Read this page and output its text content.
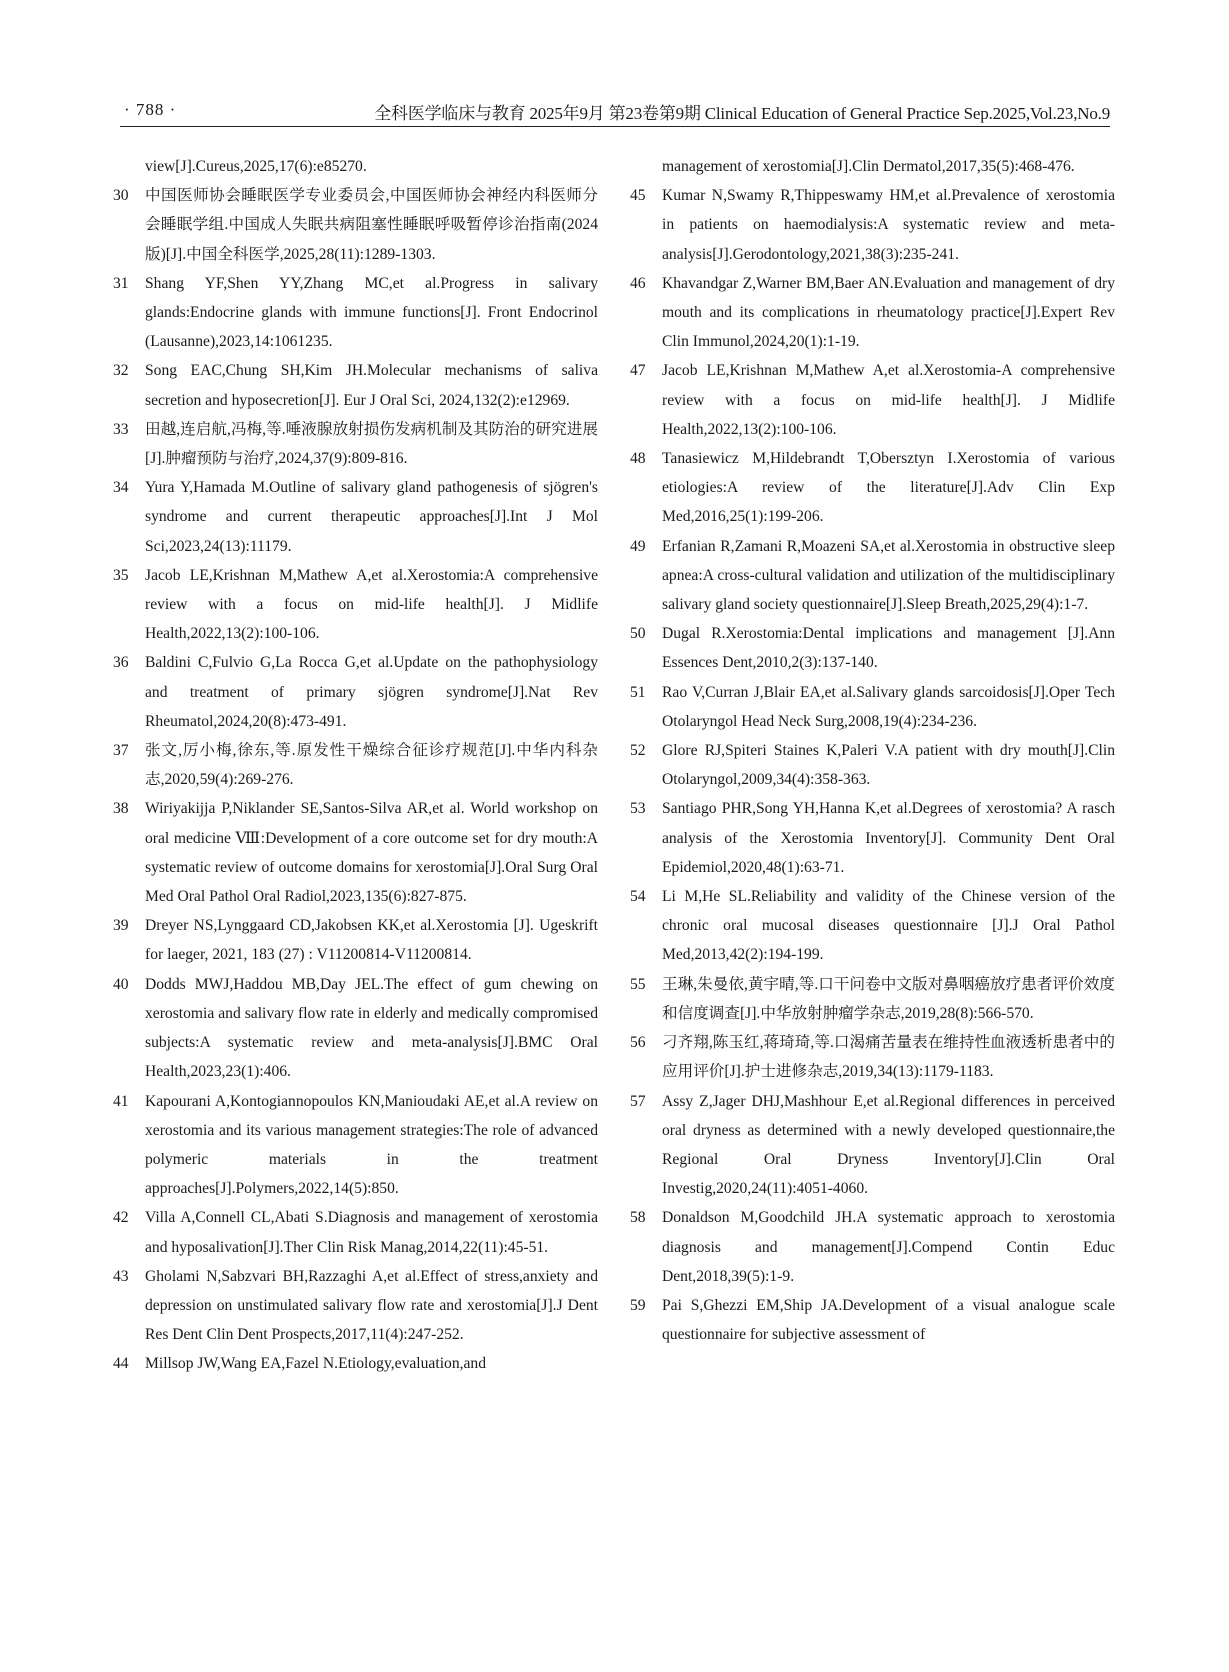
· 788 ·	全科医学临床与教育 2025年9月 第23卷第9期 Clinical Education of General Practice Sep.2025,Vol.23,No.9

view[J].Cureus,2025,17(6):e85270.

30 中国医师协会睡眠医学专业委员会,中国医师协会神经内科医师分会睡眠学组.中国成人失眠共病阻塞性睡眠呼吸暂停诊治指南(2024版)[J].中国全科医学,2025,28(11):1289-1303.

31 Shang YF,Shen YY,Zhang MC,et al.Progress in salivary glands:Endocrine glands with immune functions[J]. Front Endocrinol (Lausanne),2023,14:1061235.

32 Song EAC,Chung SH,Kim JH.Molecular mechanisms of saliva secretion and hyposecretion[J]. Eur J Oral Sci, 2024,132(2):e12969.

33 田越,连启航,冯梅,等.唾液腺放射损伤发病机制及其防治的研究进展[J].肿瘤预防与治疗,2024,37(9):809-816.

34 Yura Y,Hamada M.Outline of salivary gland pathogenesis of sjögren's syndrome and current therapeutic approaches[J].Int J Mol Sci,2023,24(13):11179.

35 Jacob LE,Krishnan M,Mathew A,et al.Xerostomia:A comprehensive review with a focus on mid-life health[J]. J Midlife Health,2022,13(2):100-106.

36 Baldini C,Fulvio G,La Rocca G,et al.Update on the pathophysiology and treatment of primary sjögren syndrome[J].Nat Rev Rheumatol,2024,20(8):473-491.

37 张文,厉小梅,徐东,等.原发性干燥综合征诊疗规范[J].中华内科杂志,2020,59(4):269-276.

38 Wiriyakijja P,Niklander SE,Santos-Silva AR,et al. World workshop on oral medicine Ⅷ:Development of a core outcome set for dry mouth:A systematic review of outcome domains for xerostomia[J].Oral Surg Oral Med Oral Pathol Oral Radiol,2023,135(6):827-875.

39 Dreyer NS,Lynggaard CD,Jakobsen KK,et al.Xerostomia [J]. Ugeskrift for laeger, 2021, 183 (27) : V11200814-V11200814.

40 Dodds MWJ,Haddou MB,Day JEL.The effect of gum chewing on xerostomia and salivary flow rate in elderly and medically compromised subjects:A systematic review and meta-analysis[J].BMC Oral Health,2023,23(1):406.

41 Kapourani A,Kontogiannopoulos KN,Manioudaki AE,et al.A review on xerostomia and its various management strategies:The role of advanced polymeric materials in the treatment approaches[J].Polymers,2022,14(5):850.

42 Villa A,Connell CL,Abati S.Diagnosis and management of xerostomia and hyposalivation[J].Ther Clin Risk Manag,2014,22(11):45-51.

43 Gholami N,Sabzvari BH,Razzaghi A,et al.Effect of stress,anxiety and depression on unstimulated salivary flow rate and xerostomia[J].J Dent Res Dent Clin Dent Prospects,2017,11(4):247-252.

44 Millsop JW,Wang EA,Fazel N.Etiology,evaluation,and

management of xerostomia[J].Clin Dermatol,2017,35(5):468-476.

45 Kumar N,Swamy R,Thippeswamy HM,et al.Prevalence of xerostomia in patients on haemodialysis:A systematic review and meta-analysis[J].Gerodontology,2021,38(3):235-241.

46 Khavandgar Z,Warner BM,Baer AN.Evaluation and management of dry mouth and its complications in rheumatology practice[J].Expert Rev Clin Immunol,2024,20(1):1-19.

47 Jacob LE,Krishnan M,Mathew A,et al.Xerostomia-A comprehensive review with a focus on mid-life health[J]. J Midlife Health,2022,13(2):100-106.

48 Tanasiewicz M,Hildebrandt T,Obersztyn I.Xerostomia of various etiologies:A review of the literature[J].Adv Clin Exp Med,2016,25(1):199-206.

49 Erfanian R,Zamani R,Moazeni SA,et al.Xerostomia in obstructive sleep apnea:A cross-cultural validation and utilization of the multidisciplinary salivary gland society questionnaire[J].Sleep Breath,2025,29(4):1-7.

50 Dugal R.Xerostomia:Dental implications and management [J].Ann Essences Dent,2010,2(3):137-140.

51 Rao V,Curran J,Blair EA,et al.Salivary glands sarcoidosis[J].Oper Tech Otolaryngol Head Neck Surg,2008,19(4):234-236.

52 Glore RJ,Spiteri Staines K,Paleri V.A patient with dry mouth[J].Clin Otolaryngol,2009,34(4):358-363.

53 Santiago PHR,Song YH,Hanna K,et al.Degrees of xerostomia? A rasch analysis of the Xerostomia Inventory[J]. Community Dent Oral Epidemiol,2020,48(1):63-71.

54 Li M,He SL.Reliability and validity of the Chinese version of the chronic oral mucosal diseases questionnaire [J].J Oral Pathol Med,2013,42(2):194-199.

55 王琳,朱曼依,黄宇晴,等.口干问卷中文版对鼻咽癌放疗患者评价效度和信度调查[J].中华放射肿瘤学杂志,2019,28(8):566-570.

56 刁齐翔,陈玉红,蒋琦琦,等.口渴痛苦量表在维持性血液透析患者中的应用评价[J].护士进修杂志,2019,34(13):1179-1183.

57 Assy Z,Jager DHJ,Mashhour E,et al.Regional differences in perceived oral dryness as determined with a newly developed questionnaire,the Regional Oral Dryness Inventory[J].Clin Oral Investig,2020,24(11):4051-4060.

58 Donaldson M,Goodchild JH.A systematic approach to xerostomia diagnosis and management[J].Compend Contin Educ Dent,2018,39(5):1-9.

59 Pai S,Ghezzi EM,Ship JA.Development of a visual analogue scale questionnaire for subjective assessment of
